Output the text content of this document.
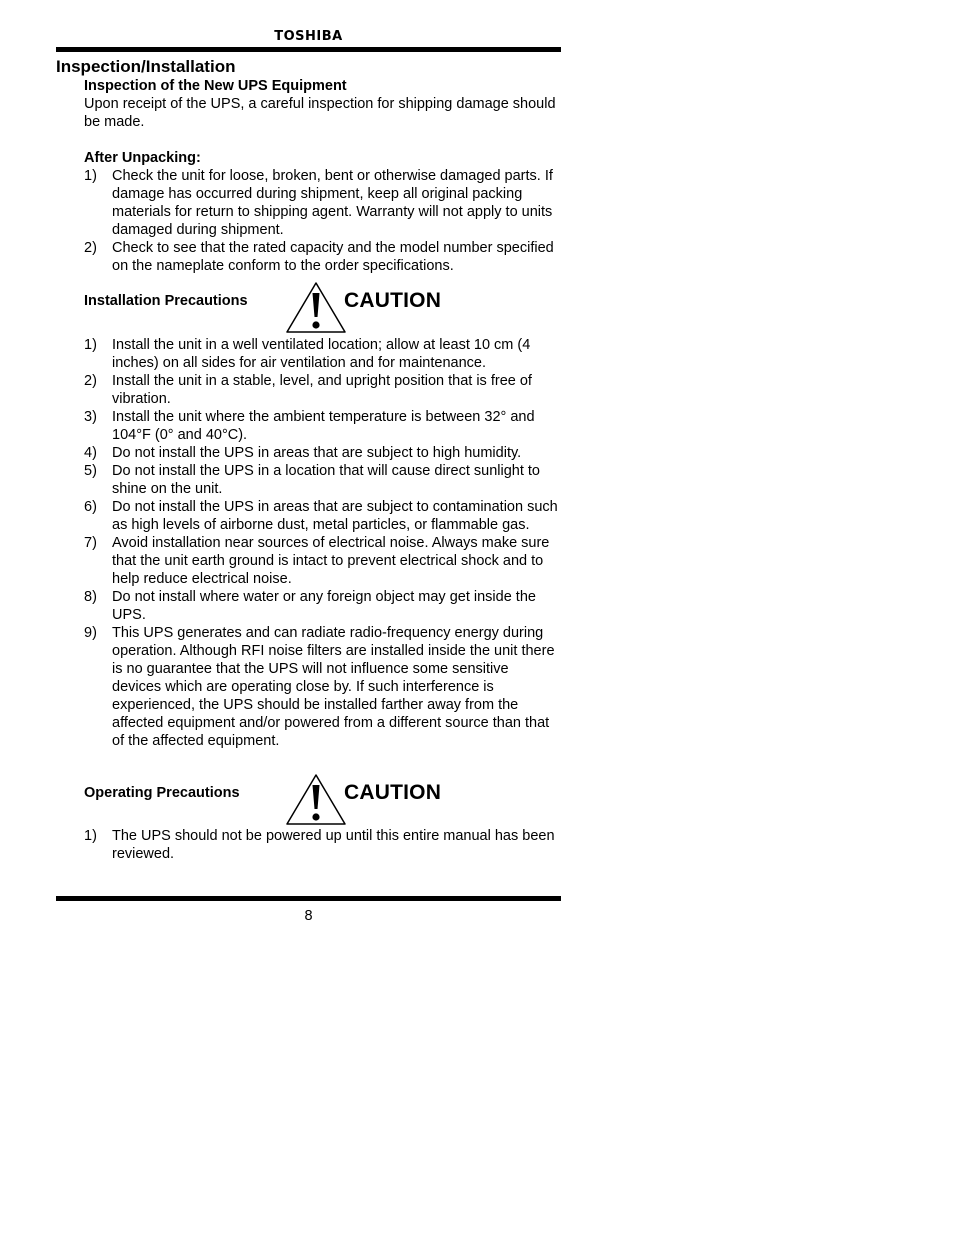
TOSHIBA
Inspection/Installation
Inspection of the New UPS Equipment
Upon receipt of the UPS, a careful inspection for shipping damage should be made.
After Unpacking:
1) Check the unit for loose, broken, bent or otherwise damaged parts. If damage has occurred during shipment, keep all original packing materials for return to shipping agent. Warranty will not apply to units damaged during shipment.
2) Check to see that the rated capacity and the model number specified on the nameplate conform to the order specifications.
Installation Precautions	CAUTION
1) Install the unit in a well ventilated location; allow at least 10 cm (4 inches) on all sides for air ventilation and for maintenance.
2) Install the unit in a stable, level, and upright position that is free of vibration.
3) Install the unit where the ambient temperature is between 32° and 104°F (0° and 40°C).
4) Do not install the UPS in areas that are subject to high humidity.
5) Do not install the UPS in a location that will cause direct sunlight to shine on the unit.
6) Do not install the UPS in areas that are subject to contamination such as high levels of airborne dust, metal particles, or flammable gas.
7) Avoid installation near sources of electrical noise. Always make sure that the unit earth ground is intact to prevent electrical shock and to help reduce electrical noise.
8) Do not install where water or any foreign object may get inside the UPS.
9) This UPS generates and can radiate radio-frequency energy during operation. Although RFI noise filters are installed inside the unit there is no guarantee that the UPS will not influence some sensitive devices which are operating close by. If such interference is experienced, the UPS should be installed farther away from the affected equipment and/or powered from a different source than that of the affected equipment.
Operating Precautions	CAUTION
1) The UPS should not be powered up until this entire manual has been reviewed.
8
